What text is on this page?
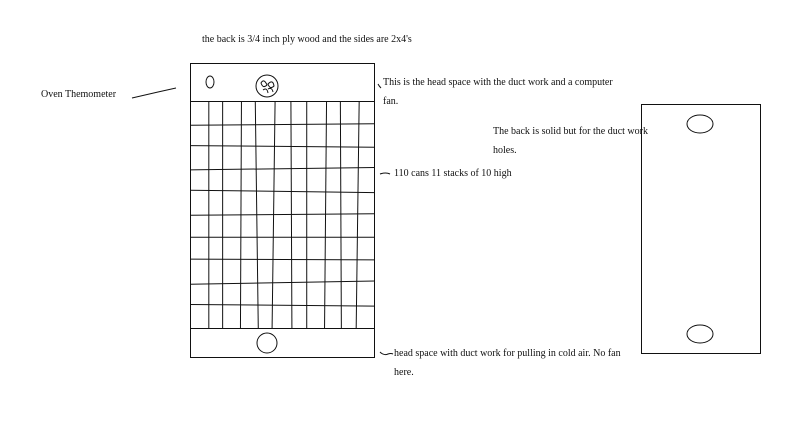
the back is 3/4 inch ply wood and the sides are 2x4's
Oven Themometer
This is the head space with the duct work and a computer fan.
The back is solid but for the duct work holes.
110 cans 11 stacks of 10 high
head space with duct work for pulling in cold air. No fan here.
